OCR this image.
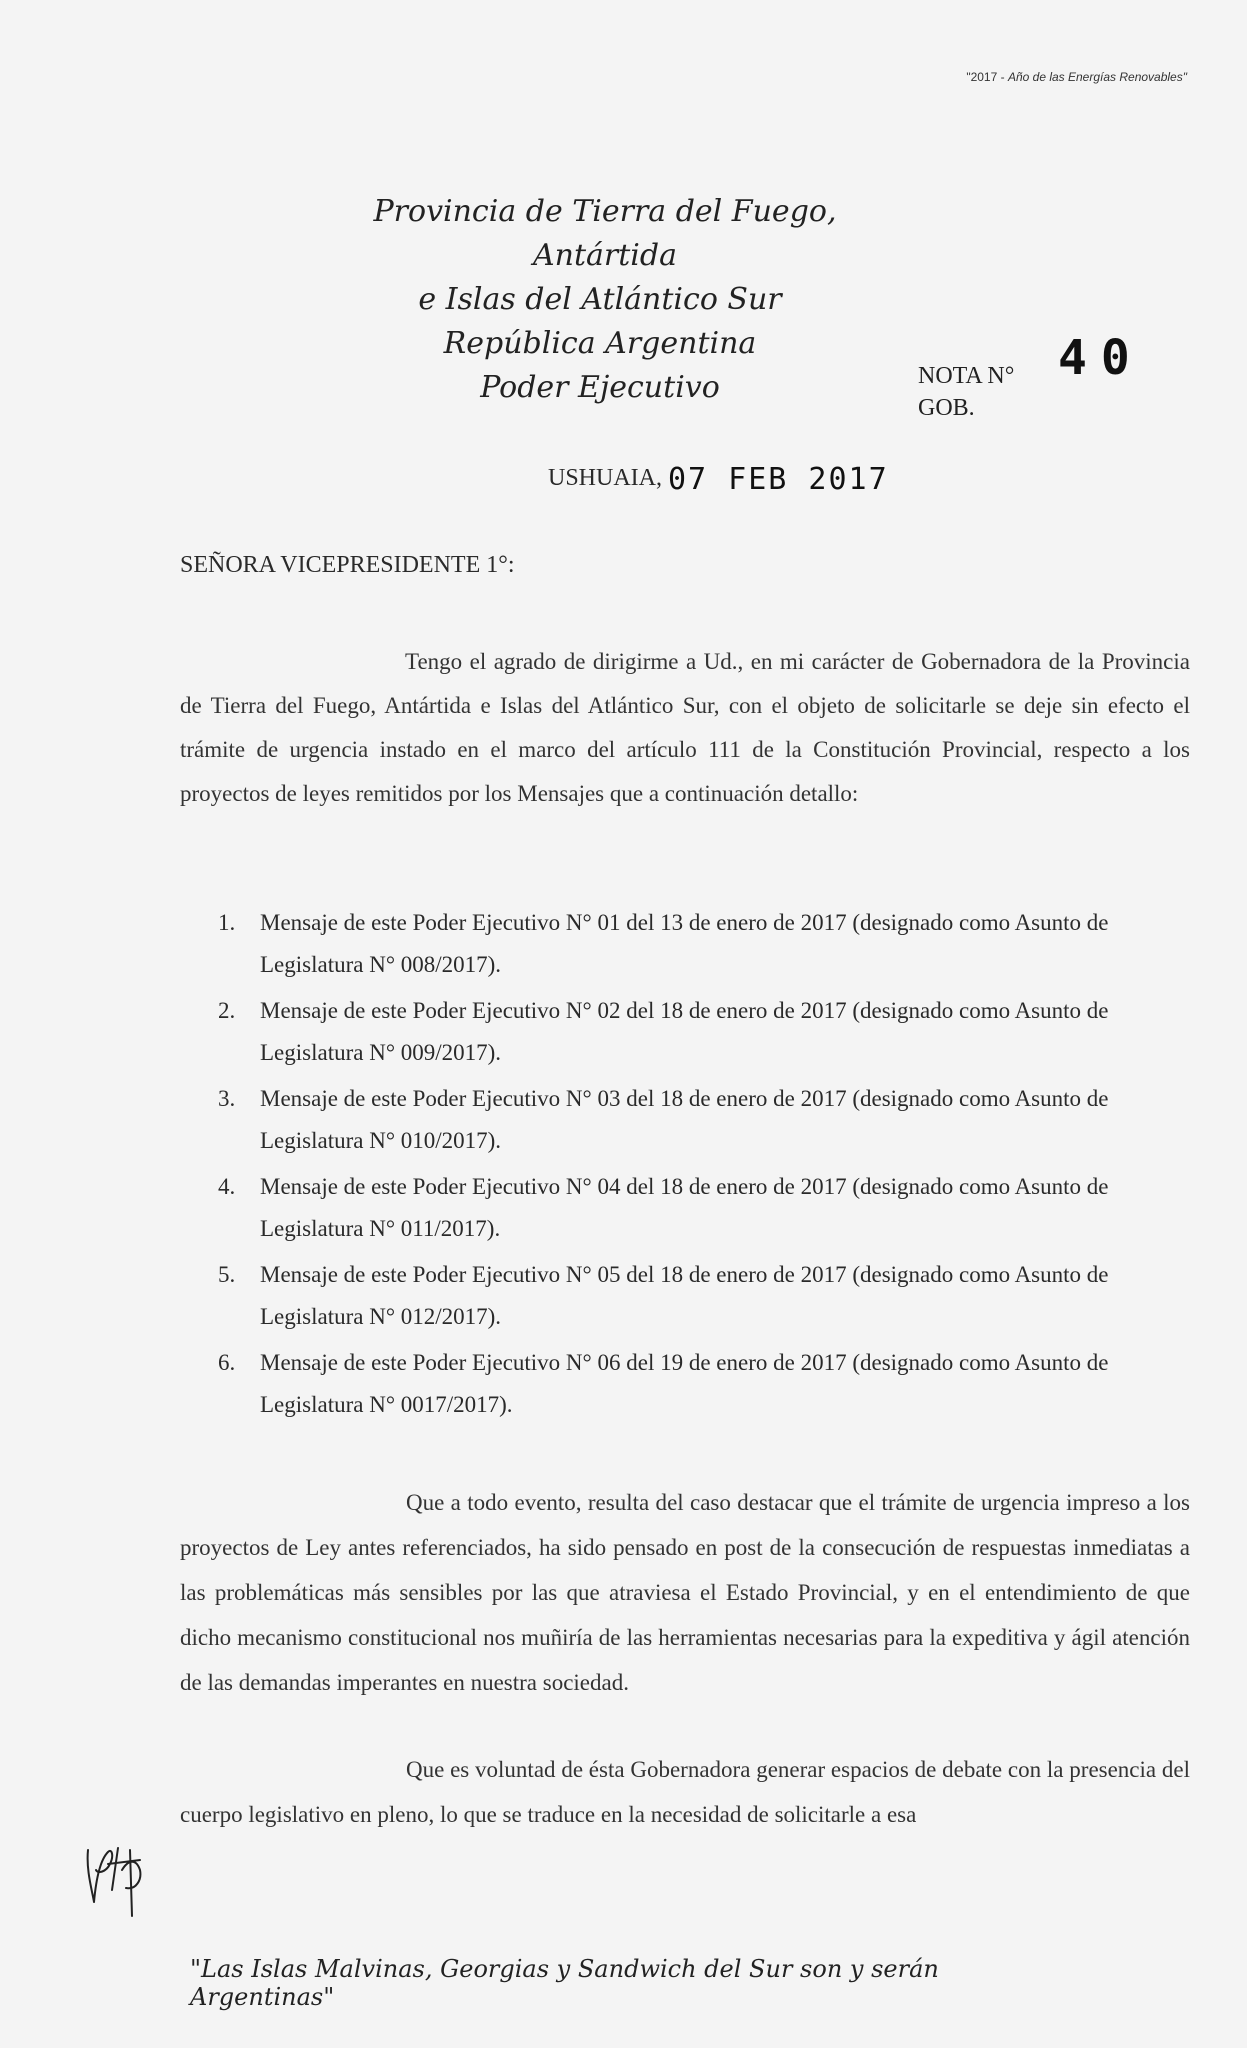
"2017 - Año de las Energías Renovables"
Provincia de Tierra del Fuego, Antártida
e Islas del Atlántico Sur
República Argentina
Poder Ejecutivo	NOTA N°
GOB.
40
USHUAIA, 07 FEB 2017
SEÑORA VICEPRESIDENTE 1°:
Tengo el agrado de dirigirme a Ud., en mi carácter de Gobernadora de la Provincia de Tierra del Fuego, Antártida e Islas del Atlántico Sur, con el objeto de solicitarle se deje sin efecto el trámite de urgencia instado en el marco del artículo 111 de la Constitución Provincial, respecto a los proyectos de leyes remitidos por los Mensajes que a continuación detallo:
1. Mensaje de este Poder Ejecutivo N° 01 del 13 de enero de 2017 (designado como Asunto de Legislatura N° 008/2017).
2. Mensaje de este Poder Ejecutivo N° 02 del 18 de enero de 2017 (designado como Asunto de Legislatura N° 009/2017).
3. Mensaje de este Poder Ejecutivo N° 03 del 18 de enero de 2017 (designado como Asunto de Legislatura N° 010/2017).
4. Mensaje de este Poder Ejecutivo N° 04 del 18 de enero de 2017 (designado como Asunto de Legislatura N° 011/2017).
5. Mensaje de este Poder Ejecutivo N° 05 del 18 de enero de 2017 (designado como Asunto de Legislatura N° 012/2017).
6. Mensaje de este Poder Ejecutivo N° 06 del 19 de enero de 2017 (designado como Asunto de Legislatura N° 0017/2017).
Que a todo evento, resulta del caso destacar que el trámite de urgencia impreso a los proyectos de Ley antes referenciados, ha sido pensado en post de la consecución de respuestas inmediatas a las problemáticas más sensibles por las que atraviesa el Estado Provincial, y en el entendimiento de que dicho mecanismo constitucional nos muñiría de las herramientas necesarias para la expeditiva y ágil atención de las demandas imperantes en nuestra sociedad.
Que es voluntad de ésta Gobernadora generar espacios de debate con la presencia del cuerpo legislativo en pleno, lo que se traduce en la necesidad de solicitarle a esa
"Las Islas Malvinas, Georgias y Sandwich del Sur son y serán Argentinas"
